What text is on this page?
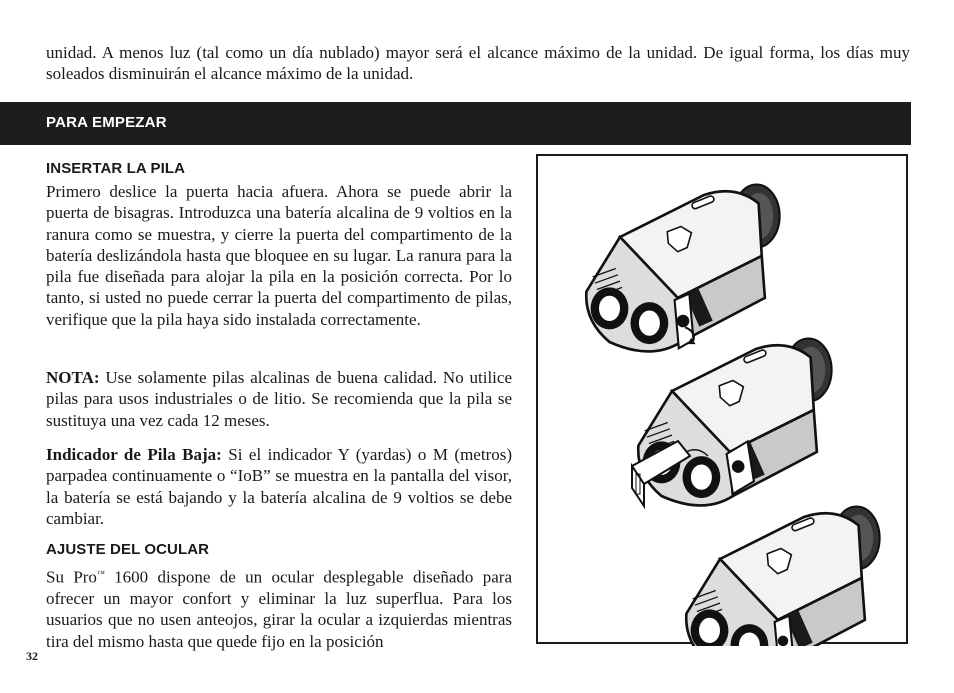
unidad. A menos luz (tal como un día nublado) mayor será el alcance máximo de la unidad. De igual forma, los días muy soleados disminuirán el alcance máximo de la unidad.

PARA EMPEZAR
INSERTAR LA PILA

Primero deslice la puerta hacia afuera. Ahora se puede abrir la puerta de bisagras. Introduzca una batería alcalina de 9 voltios en la ranura como se muestra, y cierre la puerta del compartimento de la batería deslizándola hasta que bloquee en su lugar. La ranura para la pila fue diseñada para alojar la pila en la posición correcta. Por lo tanto, si usted no puede cerrar la puerta del compartimento de pilas, verifique que la pila haya sido instalada correctamente.

NOTA: Use solamente pilas alcalinas de buena calidad. No utilice pilas para usos industriales o de litio. Se recomienda que la pila se sustituya una vez cada 12 meses.

Indicador de Pila Baja: Si el indicador Y (yardas) o M (metros) parpadea continuamente o “IoB” se muestra en la pantalla del visor, la batería se está bajando y la batería alcalina de 9 voltios se debe cambiar.

AJUSTE DEL OCULAR

Su Pro™ 1600 dispone de un ocular desplegable diseñado para ofrecer un mayor confort y eliminar la luz superflua. Para los usuarios que no usen anteojos, girar la ocular a izquierdas mientras tira del mismo hasta que quede fijo en la posición

32
